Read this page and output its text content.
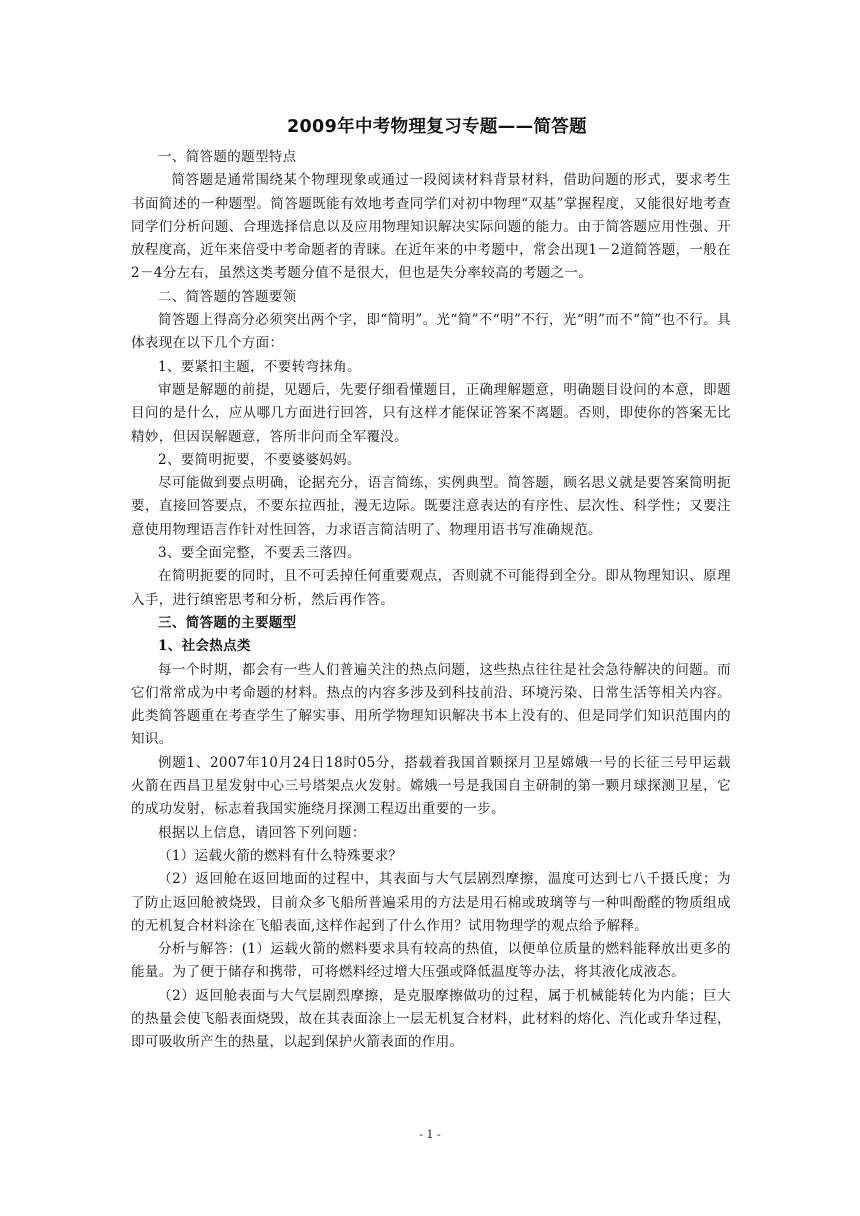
2009年中考物理复习专题——简答题

一、简答题的题型特点

简答题是通常围绕某个物理现象或通过一段阅读材料背景材料，借助问题的形式，要求考生书面简述的一种题型。简答题既能有效地考查同学们对初中物理“双基”掌握程度，又能很好地考查同学们分析问题、合理选择信息以及应用物理知识解决实际问题的能力。由于简答题应用性强、开放程度高，近年来倍受中考命题者的青睐。在近年来的中考题中，常会出现1－2道简答题，一般在2－4分左右，虽然这类考题分值不是很大，但也是失分率较高的考题之一。

二、简答题的答题要领

简答题上得高分必须突出两个字，即“简明”。光“简”不“明”不行，光“明”而不“简”也不行。具体表现在以下几个方面：

1、要紧扣主题，不要转弯抹角。

审题是解题的前提，见题后，先要仔细看懂题目，正确理解题意，明确题目设问的本意，即题目问的是什么，应从哪几方面进行回答，只有这样才能保证答案不离题。否则，即使你的答案无比精妙，但因误解题意，答所非问而全军覆没。

2、要简明扼要，不要婆婆妈妈。

尽可能做到要点明确，论据充分，语言简练，实例典型。简答题，顾名思义就是要答案简明扼要，直接回答要点，不要东拉西扯，漫无边际。既要注意表达的有序性、层次性、科学性；又要注意使用物理语言作针对性回答，力求语言简洁明了、物理用语书写准确规范。

3、要全面完整，不要丢三落四。

在简明扼要的同时，且不可丢掉任何重要观点，否则就不可能得到全分。即从物理知识、原理入手，进行缜密思考和分析，然后再作答。

三、简答题的主要题型

1、社会热点类

每一个时期，都会有一些人们普遍关注的热点问题，这些热点往往是社会急待解决的问题。而它们常常成为中考命题的材料。热点的内容多涉及到科技前沿、环境污染、日常生活等相关内容。此类简答题重在考查学生了解实事、用所学物理知识解决书本上没有的、但是同学们知识范围内的知识。

例题1、2007年10月24日18时05分，搭载着我国首颗探月卫星嫦娥一号的长征三号甲运载火箭在西昌卫星发射中心三号塔架点火发射。嫦娥一号是我国自主研制的第一颗月球探测卫星，它的成功发射，标志着我国实施绕月探测工程迈出重要的一步。

根据以上信息，请回答下列问题：

（1）运载火箭的燃料有什么特殊要求？

（2）返回舱在返回地面的过程中，其表面与大气层剧烈摩擦，温度可达到七八千摄氏度；为了防止返回舱被烧毁，目前众多飞船所普遍采用的方法是用石棉或玻璃等与一种叫酚醛的物质组成的无机复合材料涂在飞船表面,这样作起到了什么作用？试用物理学的观点给予解释。

分析与解答：(1）运载火箭的燃料要求具有较高的热值，以便单位质量的燃料能释放出更多的能量。为了便于储存和携带，可将燃料经过增大压强或降低温度等办法，将其液化成液态。

（2）返回舱表面与大气层剧烈摩擦，是克服摩擦做功的过程，属于机械能转化为内能；巨大的热量会使飞船表面烧毁，故在其表面涂上一层无机复合材料，此材料的熔化、汽化或升华过程，即可吸收所产生的热量，以起到保护火箭表面的作用。

- 1 -
